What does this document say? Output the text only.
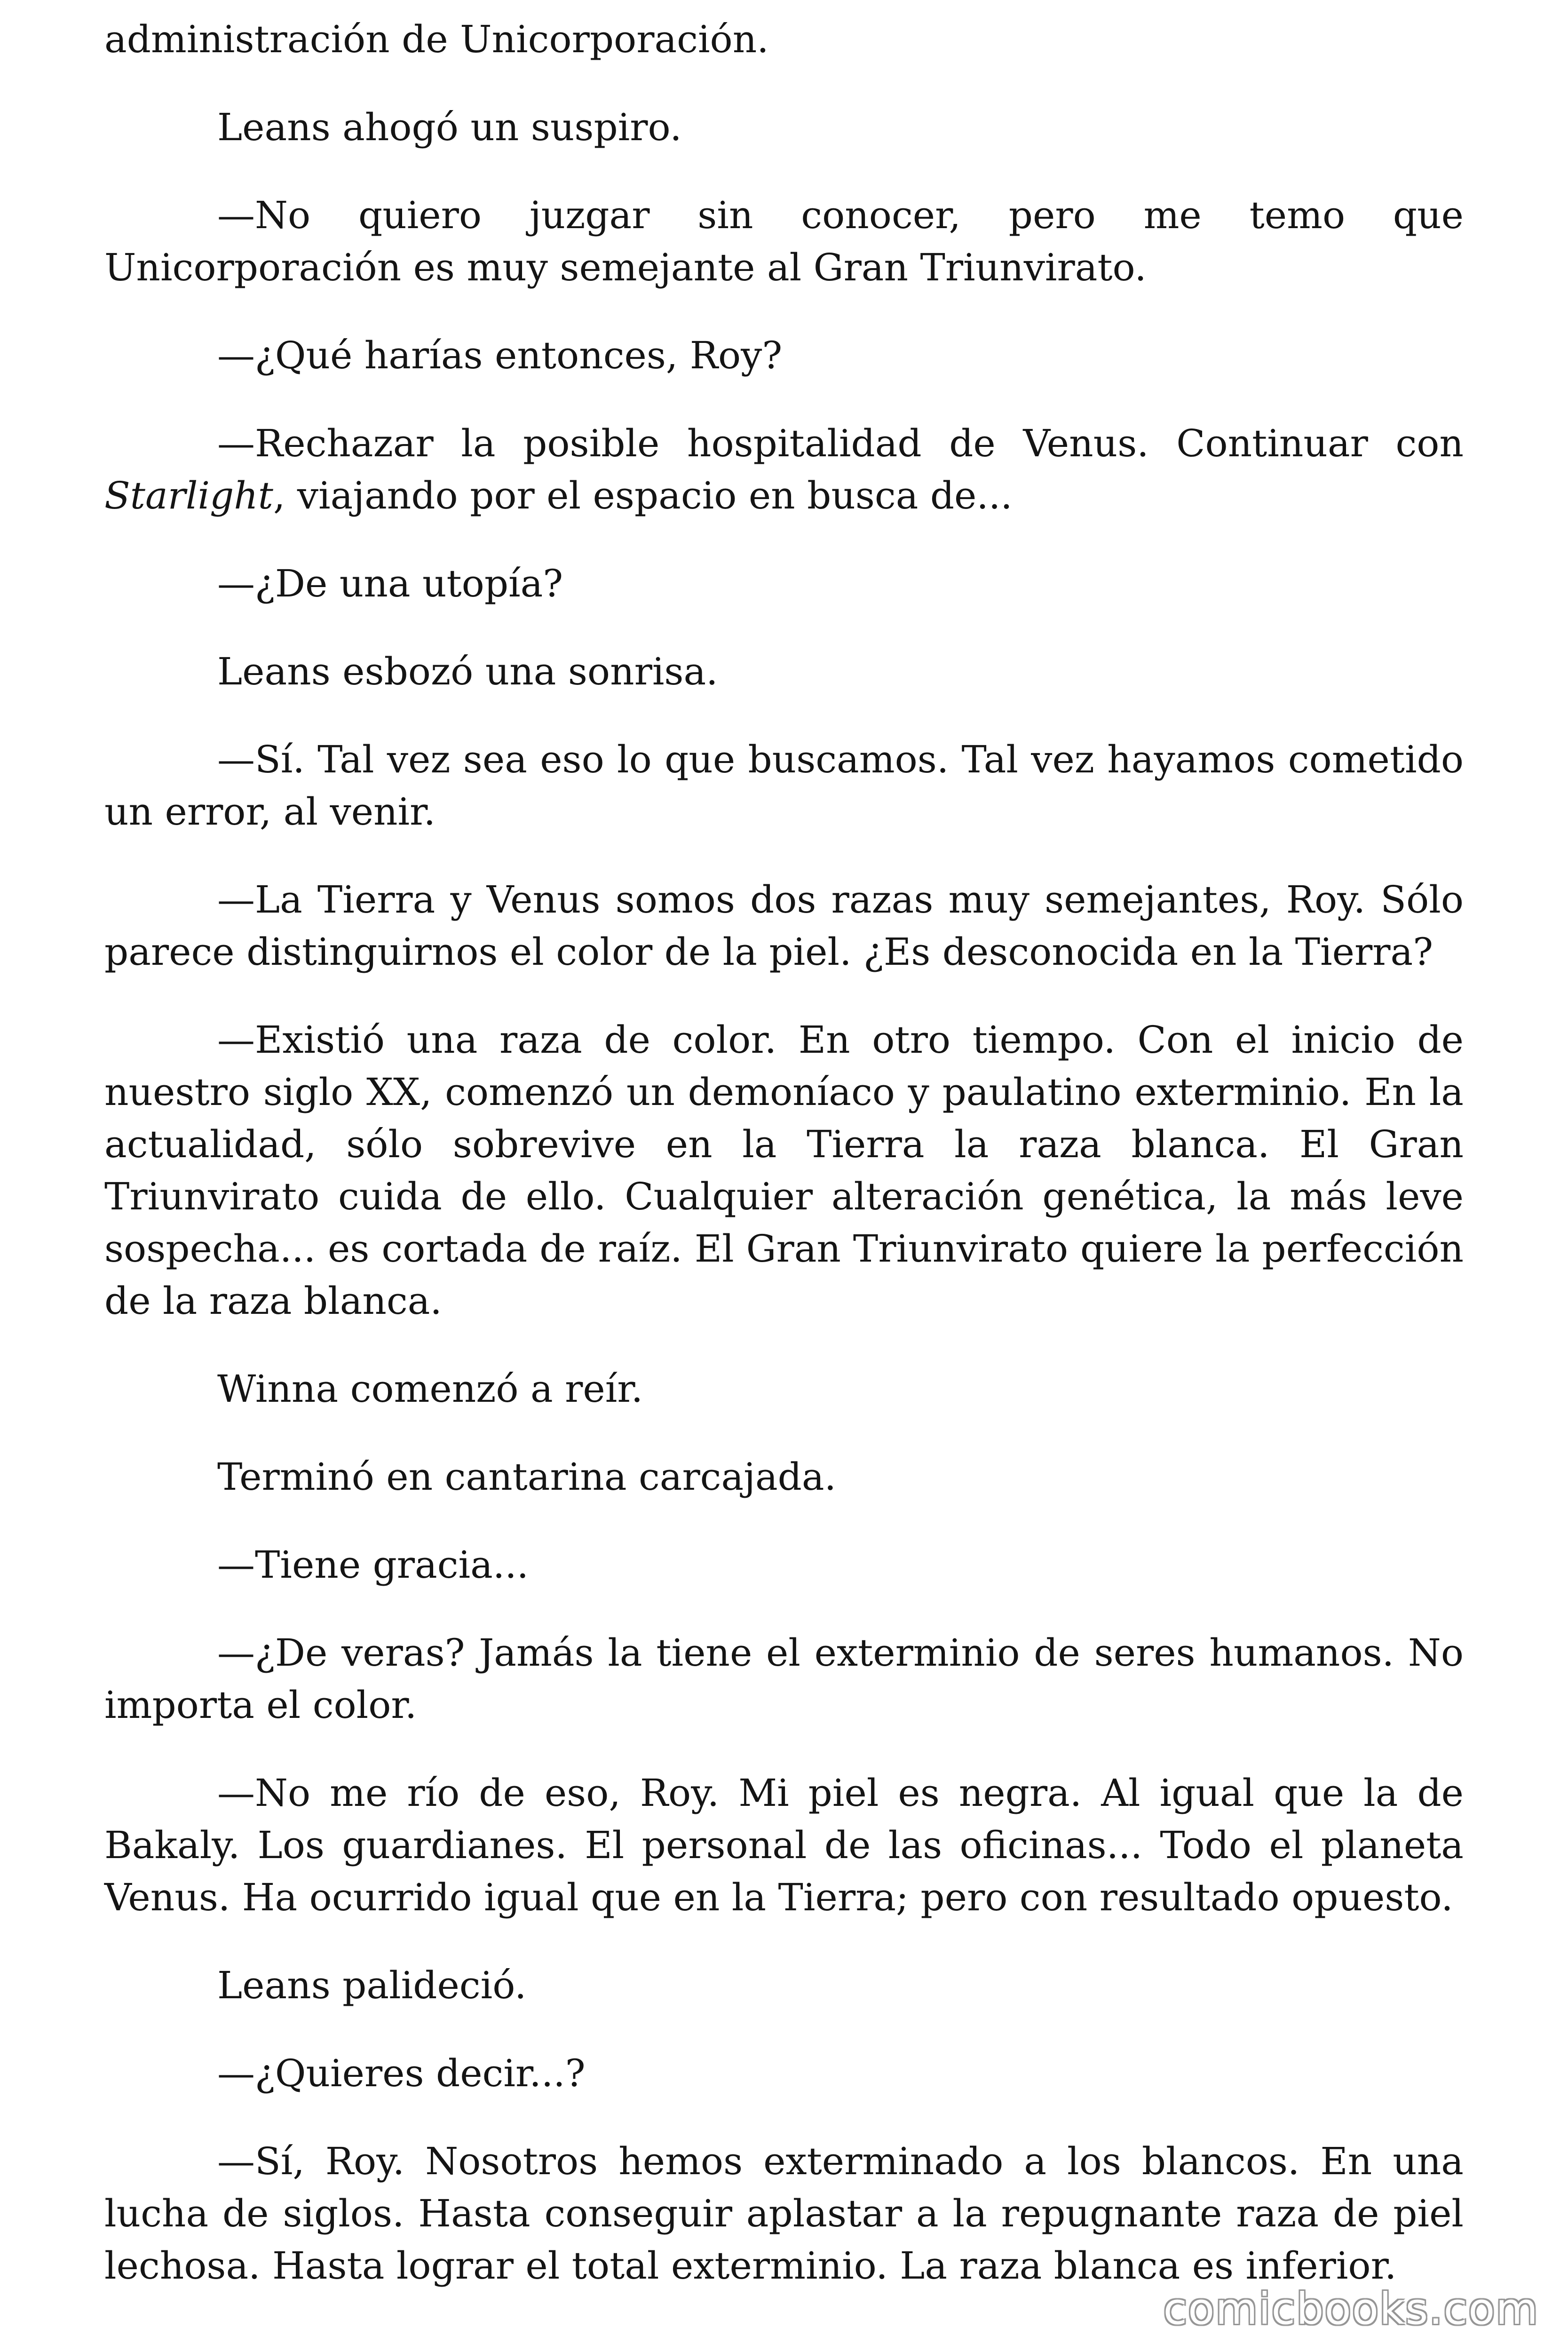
administración de Unicorporación.

Leans ahogó un suspiro.

—No quiero juzgar sin conocer, pero me temo que Unicorporación es muy semejante al Gran Triunvirato.

—¿Qué harías entonces, Roy?

—Rechazar la posible hospitalidad de Venus. Continuar con Starlight, viajando por el espacio en busca de...

—¿De una utopía?

Leans esbozó una sonrisa.

—Sí. Tal vez sea eso lo que buscamos. Tal vez hayamos cometido un error, al venir.

—La Tierra y Venus somos dos razas muy semejantes, Roy. Sólo parece distinguirnos el color de la piel. ¿Es desconocida en la Tierra?

—Existió una raza de color. En otro tiempo. Con el inicio de nuestro siglo XX, comenzó un demoníaco y paulatino exterminio. En la actualidad, sólo sobrevive en la Tierra la raza blanca. El Gran Triunvirato cuida de ello. Cualquier alteración genética, la más leve sospecha... es cortada de raíz. El Gran Triunvirato quiere la perfección de la raza blanca.

Winna comenzó a reír.

Terminó en cantarina carcajada.

—Tiene gracia...

—¿De veras? Jamás la tiene el exterminio de seres humanos. No importa el color.

—No me río de eso, Roy. Mi piel es negra. Al igual que la de Bakaly. Los guardianes. El personal de las oficinas... Todo el planeta Venus. Ha ocurrido igual que en la Tierra; pero con resultado opuesto.

Leans palideció.

—¿Quieres decir...?

—Sí, Roy. Nosotros hemos exterminado a los blancos. En una lucha de siglos. Hasta conseguir aplastar a la repugnante raza de piel lechosa. Hasta lograr el total exterminio. La raza blanca es inferior.

comicbooks.com
